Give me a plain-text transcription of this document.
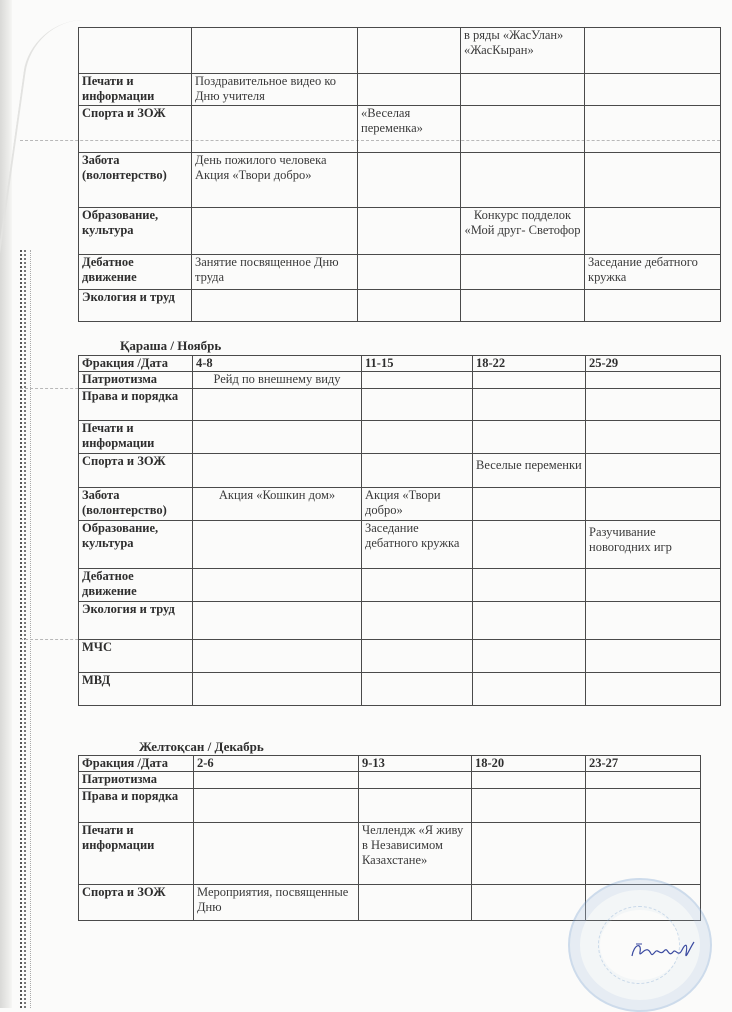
			в ряды «ЖасУлан» «ЖасКыран»	
Печати и информации	Поздравительное видео ко Дню учителя			
Спорта и ЗОЖ		«Веселая переменка»		
Забота (волонтерство)	День пожилого человека Акция «Твори добро»			
Образование, культура			Конкурс подделок «Мой друг- Светофор	
Дебатное движение	Занятие посвященное Дню труда			Заседание дебатного кружка
Экология и труд				
Қараша / Ноябрь
Фракция /Дата	4-8	11-15	18-22	25-29
Патриотизма	Рейд по внешнему виду			
Права и порядка				
Печати и информации				
Спорта и ЗОЖ			Веселые переменки	
Забота (волонтерство)	Акция «Кошкин дом»	Акция «Твори добро»		
Образование, культура		Заседание дебатного кружка		Разучивание новогодних игр
Дебатное движение				
Экология и труд				
МЧС				
МВД				
Желтоқсан / Декабрь
Фракция /Дата	2-6	9-13	18-20	23-27
Патриотизма				
Права и порядка				
Печати и информации		Челлендж «Я живу в Независимом Казахстане»		
Спорта и ЗОЖ	Мероприятия, посвященные Дню			
